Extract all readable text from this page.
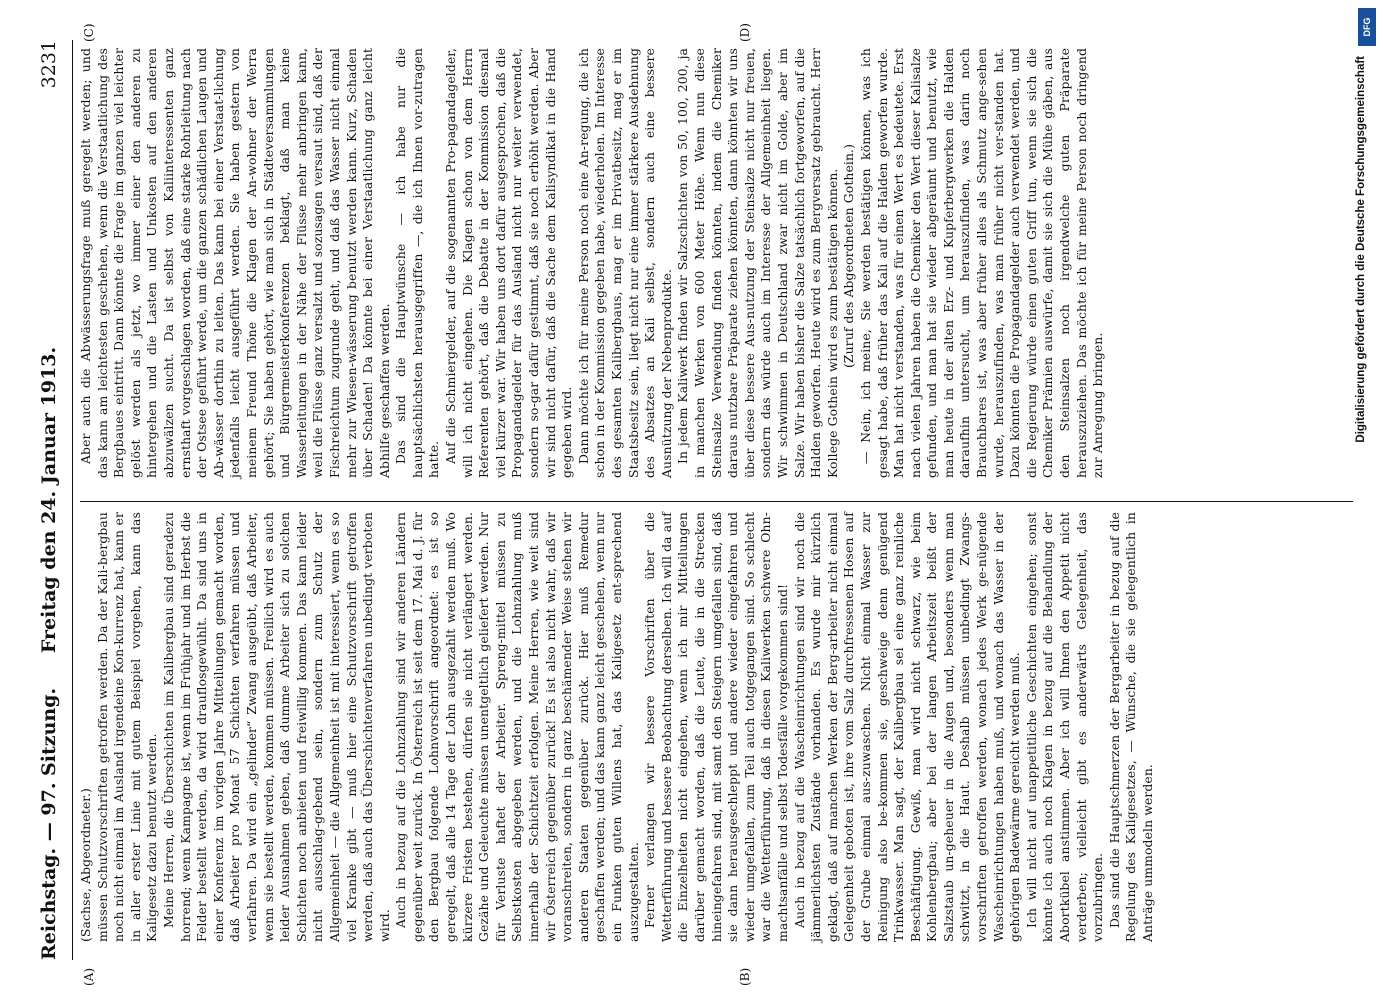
Reichstag. — 97. Sitzung.
Freitag den 24. Januar 1913.
3231
(A)	(B)
(C)	(D)

(Sachse, Abgeordneter.) müssen Schutzvorschriften getroffen werden. Da der Kali-bergbau noch nicht einmal im Ausland irgendeine Kon-kurrenz hat, kann er in aller erster Linie mit gutem Beispiel vorgehen, kann das Kaligesetz dazu benutzt werden. Meine Herren, die Überschichten im Kalibergbau sind geradezu horrend; wenn Kampagne ist, wenn im Frühjahr und im Herbst die Felder bestellt werden, da wird drauflosgewühlt. Da sind uns in einer Konferenz im vorigen Jahre Mitteilungen gemacht worden, daß Arbeiter pro Monat 57 Schichten verfahren müssen und verfahren. Da wird ein „gelinder“ Zwang ausgeübt, daß Arbeiter, wenn sie bestellt werden, kommen müssen. Freilich wird es auch leider Ausnahmen geben, daß dumme Arbeiter sich zu solchen Schichten noch anbieten und freiwillig kommen. Das kann leider nicht ausschlag-gebend sein, sondern zum Schutz der Allgemeinheit — die Allgemeinheit ist mit interessiert, wenn es so viel Kranke gibt — muß hier eine Schutzvorschrift getroffen werden, daß auch das Überschichtenverfahren unbedingt verboten wird. Auch in bezug auf die Lohnzahlung sind wir anderen Ländern gegenüber weit zurück. In Österreich ist seit dem 17. Mai d. J. für den Bergbau folgende Lohnvorschrift angeordnet: es ist so geregelt, daß alle 14 Tage der Lohn ausgezahlt werden muß. Wo kürzere Fristen bestehen, dürfen sie nicht verlängert werden. Gezähe und Geleuchte müssen unentgeltlich geliefert werden. Nur für Verluste haftet der Arbeiter. Spreng-mittel müssen zu Selbstkosten abgegeben werden, und die Lohnzahlung muß innerhalb der Schichtzeit erfolgen. Meine Herren, wie weit sind wir Österreich gegenüber zurück! Es ist also nicht wahr, daß wir voranschreiten, sondern in ganz beschämender Weise stehen wir anderen Staaten gegenüber zurück. Hier muß Remedur geschaffen werden; und das kann ganz leicht geschehen, wenn nur ein Funken guten Willens hat, das Kaligesetz ent-sprechend auszugestalten. Ferner verlangen wir bessere Vorschriften über die Wetterführung und bessere Beobachtung derselben. Ich will da auf die Einzelheiten nicht eingehen, wenn ich mir Mitteilungen darüber gemacht worden, daß die Leute, die in die Strecken hineingefahren sind, mit samt den Steigern umgefallen sind, daß sie dann herausgeschleppt und andere wieder eingefahren und wieder umgefallen, zum Teil auch totgegangen sind. So schlecht war die Wetterführung, daß in diesen Kaliwerken schwere Ohn-machtsanfälle und selbst Todesfälle vorgekommen sind! Auch in bezug auf die Wascheinrichtungen sind wir noch die jämmerlichsten Zustände vorhanden. Es wurde mir kürzlich geklagt, daß auf manchen Werken der Berg-arbeiter nicht einmal Gelegenheit geboten ist, ihre vom Salz durchfressenen Hosen auf der Grube einmal aus-zuwaschen. Nicht einmal Wasser zur Reinigung also be-kommen sie, geschweige denn genügend Trinkwasser. Man sagt, der Kalibergbau sei eine ganz reinliche Beschäftigung. Gewiß, man wird nicht schwarz, wie beim Kohlenbergbau; aber bei der langen Arbeitszeit beißt der Salzstaub un-geheuer in die Augen und, besonders wenn man schwitzt, in die Haut. Deshalb müssen unbedingt Zwangs-vorschriften getroffen werden, wonach jedes Werk ge-nügende Wascheinrichtungen haben muß, und wonach das Wasser in der gehörigen Badewärme gereicht werden muß. Ich will nicht auf unappetitliche Geschichten eingehen; sonst könnte ich auch noch Klagen in bezug auf die Behandlung der Abortkübel anstimmen. Aber ich will Ihnen den Appetit nicht verderben; vielleicht gibt es anderwärts Gelegenheit, das vorzubringen. Das sind die Hauptschmerzen der Bergarbeiter in bezug auf die Regelung des Kaligesetzes, — Wünsche, die sie gelegentlich in Anträge ummodeln werden.

Aber auch die Abwässerungsfrage muß geregelt werden; und das kann am leichtesten geschehen, wenn die Verstaatlichung des Bergbaues eintritt. Dann könnte die Frage im ganzen viel leichter gelöst werden als jetzt, wo immer einer den anderen zu hintergehen und die Lasten und Unkosten auf den anderen abzuwälzen sucht. Da ist selbst von Kaliinteressenten ganz ernsthaft vorgeschlagen worden, daß eine starke Rohrleitung nach der Ostsee geführt werde, um die ganzen schädlichen Laugen und Ab-wässer dorthin zu leiten. Das kann bei einer Verstaat-lichung jedenfalls leicht ausgeführt werden. Sie haben gestern von meinem Freund Thöne die Klagen der An-wohner der Werra gehört; Sie haben gehört, wie man sich in Städteversammlungen und Bürgermeisterkonferenzen beklagt, daß man keine Wasserleitungen in der Nähe der Flüsse mehr anbringen kann, weil die Flüsse ganz versalzt und sozusagen versaut sind, daß der Fischreichtum zugrunde geht, und daß das Wasser nicht einmal mehr zur Wiesen-wässerung benutzt werden kann. Kurz, Schaden über Schaden! Da könnte bei einer Verstaatlichung ganz leicht Abhilfe geschaffen werden. Das sind die Hauptwünsche — ich habe nur die hauptsächlichsten herausgegriffen —, die ich Ihnen vor-zutragen hatte. Auf die Schmiergelder, auf die sogenannten Pro-pagandagelder, will ich nicht eingehen. Die Klagen schon von dem Herrn Referenten gehört, daß die Debatte in der Kommission diesmal viel kürzer war. Wir haben uns dort dafür ausgesprochen, daß die Propagandagelder für das Ausland nicht nur weiter verwendet, sondern so-gar dafür gestimmt, daß sie noch erhöht werden. Aber wir sind nicht dafür, daß die Sache dem Kalisyndikat in die Hand gegeben wird. Dann möchte ich für meine Person noch eine An-regung, die ich schon in der Kommission gegeben habe, wiederholen. Im Interesse des gesamten Kalibergbaus, mag er im Privatbesitz, mag er im Staatsbesitz sein, liegt nicht nur eine immer stärkere Ausdehnung des Absatzes an Kali selbst, sondern auch eine bessere Ausnützung der Nebenprodukte. In jedem Kaliwerk finden wir Salzschichten von 50, 100, 200, ja in manchen Werken von 600 Meter Höhe. Wenn nun diese Steinsalze Verwendung finden könnten, indem die Chemiker daraus nutzbare Präparate ziehen könnten, dann könnten wir uns über diese bessere Aus-nutzung der Steinsalze nicht nur freuen, sondern das würde auch im Interesse der Allgemeinheit liegen. Wir schwimmen in Deutschland zwar nicht im Golde, aber im Salze. Wir haben bisher die Salze tatsächlich fortgeworfen, auf die Halden geworfen. Heute wird es zum Bergversatz gebraucht. Herr Kollege Gothein wird es zum bestätigen können. (Zuruf des Abgeordneten Gothein.) — Nein, ich meine, Sie werden bestätigen können, was ich gesagt habe, daß früher das Kali auf die Halden geworfen wurde. Man hat nicht verstanden, was für einen Wert es bedeutete. Erst nach vielen Jahren haben die Chemiker den Wert dieser Kalisalze gefunden, und man hat sie wieder abgeräumt und benutzt, wie man heute in der alten Erz- und Kupferbergwerken die Halden daraufhin untersucht, um herauszufinden, was darin noch Brauchbares ist, was aber früher alles als Schmutz ange-sehen wurde, herauszufinden, was man früher nicht ver-standen hat. Dazu könnten die Propagandagelder auch verwendet werden, und die Regierung würde einen guten Griff tun, wenn sie sich die Chemiker Prämien auswürfe, damit sie sich die Mühe gäben, aus den Steinsalzen noch irgendwelche guten Präparate herauszuziehen. Das möchte ich für meine Person noch dringend zur Anregung bringen.	Digitalisierung gefördert durch die Deutsche Forschungsgemeinschaft
DFG
